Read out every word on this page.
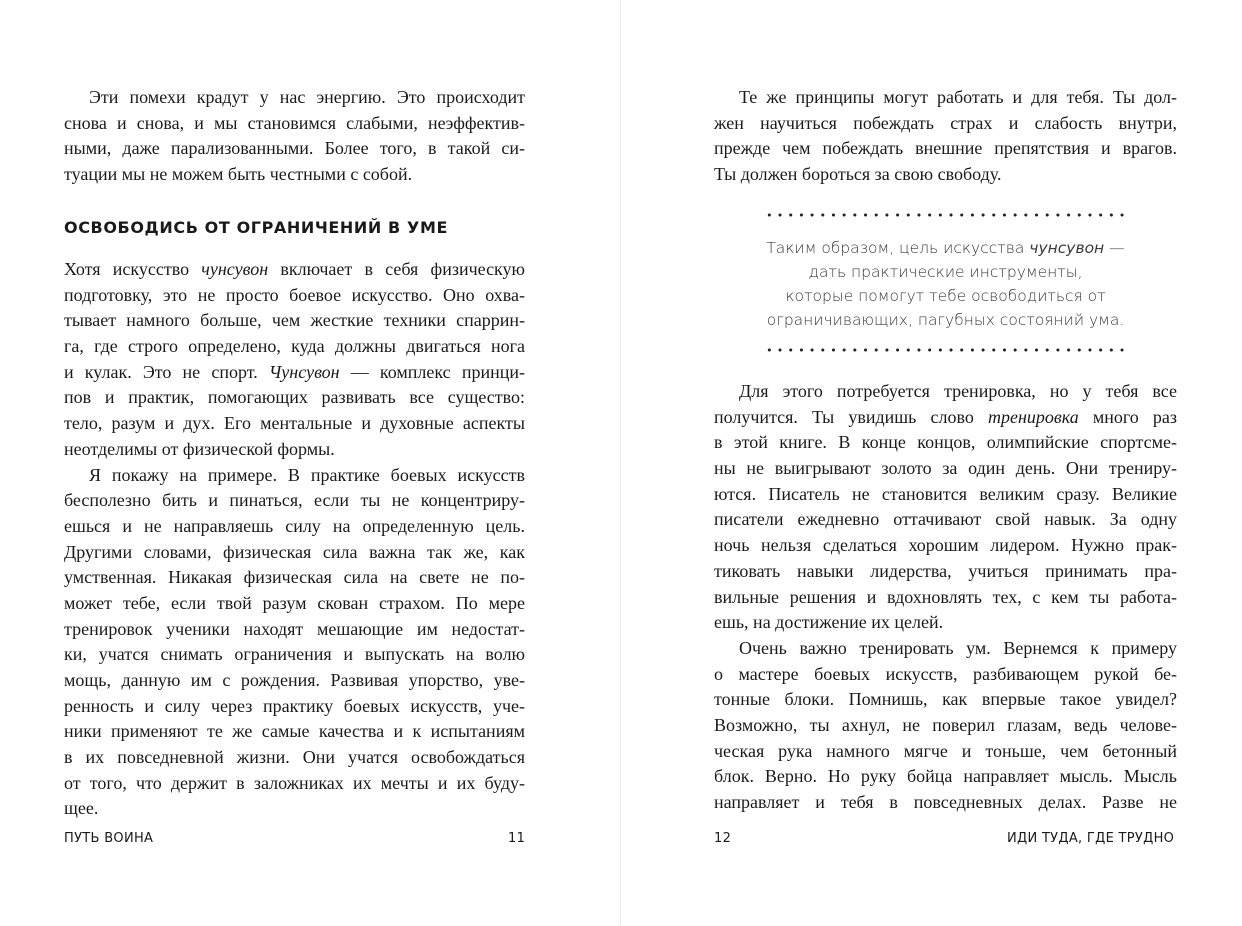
Эти помехи крадут у нас энергию. Это происходит
снова и снова, и мы становимся слабыми, неэффектив-
ными, даже парализованными. Более того, в такой си-
туации мы не можем быть честными с собой.
ОСВОБОДИСЬ ОТ ОГРАНИЧЕНИЙ В УМЕ
Хотя искусство чунсувон включает в себя физическую
подготовку, это не просто боевое искусство. Оно охва-
тывает намного больше, чем жесткие техники спаррин-
га, где строго определено, куда должны двигаться нога
и кулак. Это не спорт. Чунсувон — комплекс принци-
пов и практик, помогающих развивать все существо:
тело, разум и дух. Его ментальные и духовные аспекты
неотделимы от физической формы.
Я покажу на примере. В практике боевых искусств
бесполезно бить и пинаться, если ты не концентриру-
ешься и не направляешь силу на определенную цель.
Другими словами, физическая сила важна так же, как
умственная. Никакая физическая сила на свете не по-
может тебе, если твой разум скован страхом. По мере
тренировок ученики находят мешающие им недостат-
ки, учатся снимать ограничения и выпускать на волю
мощь, данную им с рождения. Развивая упорство, уве-
ренность и силу через практику боевых искусств, уче-
ники применяют те же самые качества и к испытаниям
в их повседневной жизни. Они учатся освобождаться
от того, что держит в заложниках их мечты и их буду-
щее.
ПУТЬ ВОИНА	11
Те же принципы могут работать и для тебя. Ты дол-
жен научиться побеждать страх и слабость внутри,
прежде чем побеждать внешние препятствия и врагов.
Ты должен бороться за свою свободу.
Таким образом, цель искусства чунсувон —
дать практические инструменты,
которые помогут тебе освободиться от
ограничивающих, пагубных состояний ума.
Для этого потребуется тренировка, но у тебя все
получится. Ты увидишь слово тренировка много раз
в этой книге. В конце концов, олимпийские спортсме-
ны не выигрывают золото за один день. Они трениру-
ются. Писатель не становится великим сразу. Великие
писатели ежедневно оттачивают свой навык. За одну
ночь нельзя сделаться хорошим лидером. Нужно прак-
тиковать навыки лидерства, учиться принимать пра-
вильные решения и вдохновлять тех, с кем ты работа-
ешь, на достижение их целей.
Очень важно тренировать ум. Вернемся к примеру
о мастере боевых искусств, разбивающем рукой бе-
тонные блоки. Помнишь, как впервые такое увидел?
Возможно, ты ахнул, не поверил глазам, ведь челове-
ческая рука намного мягче и тоньше, чем бетонный
блок. Верно. Но руку бойца направляет мысль. Мысль
направляет и тебя в повседневных делах. Разве не
12	ИДИ ТУДА, ГДЕ ТРУДНО
